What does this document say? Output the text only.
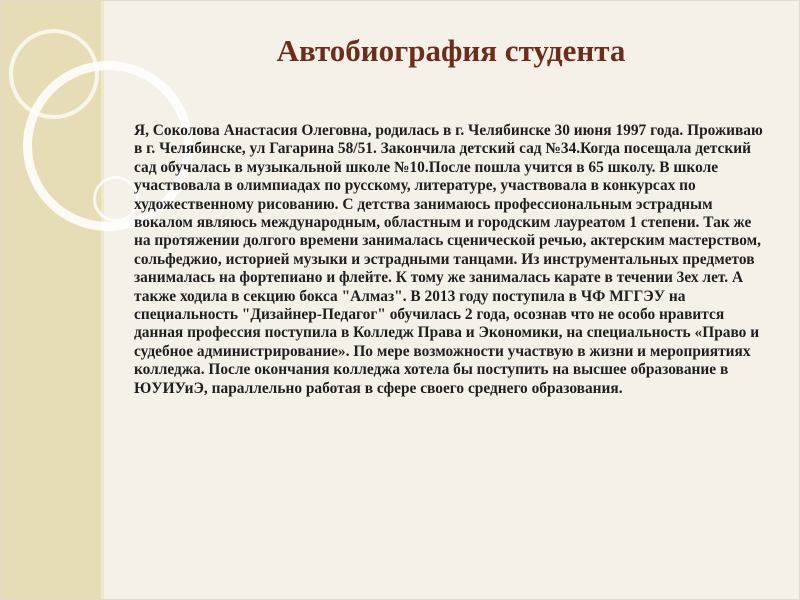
Автобиография студента

Я, Соколова Анастасия Олеговна, родилась в г. Челябинске 30 июня 1997 года. Проживаю в г. Челябинске, ул Гагарина 58/51. Закончила детский сад №34.Когда посещала детский сад обучалась в музыкальной школе №10.После пошла учится в 65 школу. В школе участвовала в олимпиадах по русскому, литературе, участвовала в конкурсах по художественному рисованию. С детства занимаюсь профессиональным эстрадным вокалом являюсь международным, областным и городским лауреатом 1 степени. Так же на протяжении долгого времени занималась сценической речью, актерским мастерством, сольфеджио, историей музыки и эстрадными танцами. Из инструментальных предметов занималась на фортепиано и флейте. К тому же занималась карате в течении 3ех лет. А также ходила в секцию бокса "Алмаз". В 2013 году поступила в ЧФ МГГЭУ на специальность "Дизайнер-Педагог" обучилась 2 года, осознав что не особо нравится данная профессия поступила в Колледж Права и Экономики, на специальность «Право и судебное администрирование». По мере возможности участвую в жизни и мероприятиях колледжа. После окончания колледжа хотела бы поступить на высшее образование в ЮУИУиЭ, параллельно работая в сфере своего среднего образования.
